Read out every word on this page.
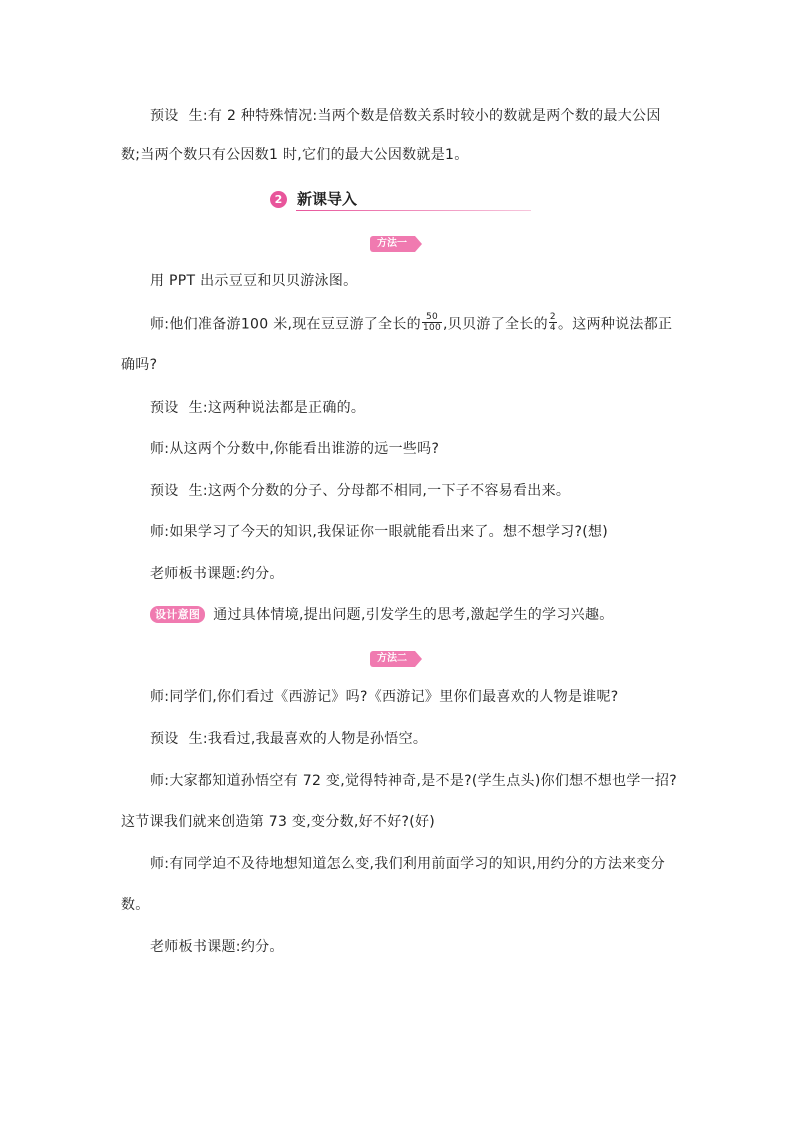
预设 生:有 2 种特殊情况:当两个数是倍数关系时较小的数就是两个数的最大公因
数;当两个数只有公因数1 时,它们的最大公因数就是1。
2 新课导入
方法一
用 PPT 出示豆豆和贝贝游泳图。
师:他们准备游100 米,现在豆豆游了全长的 $\frac{50}{100}$ ,贝贝游了全长的 $\frac{2}{4}$ 。这两种说法都正
确吗?
预设 生:这两种说法都是正确的。
师:从这两个分数中,你能看出谁游的远一些吗?
预设 生:这两个分数的分子、分母都不相同,一下子不容易看出来。
师:如果学习了今天的知识,我保证你一眼就能看出来了。想不想学习?(想)
老师板书课题:约分。
设计意图 通过具体情境,提出问题,引发学生的思考,激起学生的学习兴趣。
方法二
师:同学们,你们看过《西游记》吗?《西游记》里你们最喜欢的人物是谁呢?
预设 生:我看过,我最喜欢的人物是孙悟空。
师:大家都知道孙悟空有 72 变,觉得特神奇,是不是?(学生点头)你们想不想也学一招?
这节课我们就来创造第 73 变,变分数,好不好?(好)
师:有同学迫不及待地想知道怎么变,我们利用前面学习的知识,用约分的方法来变分
数。
老师板书课题:约分。
